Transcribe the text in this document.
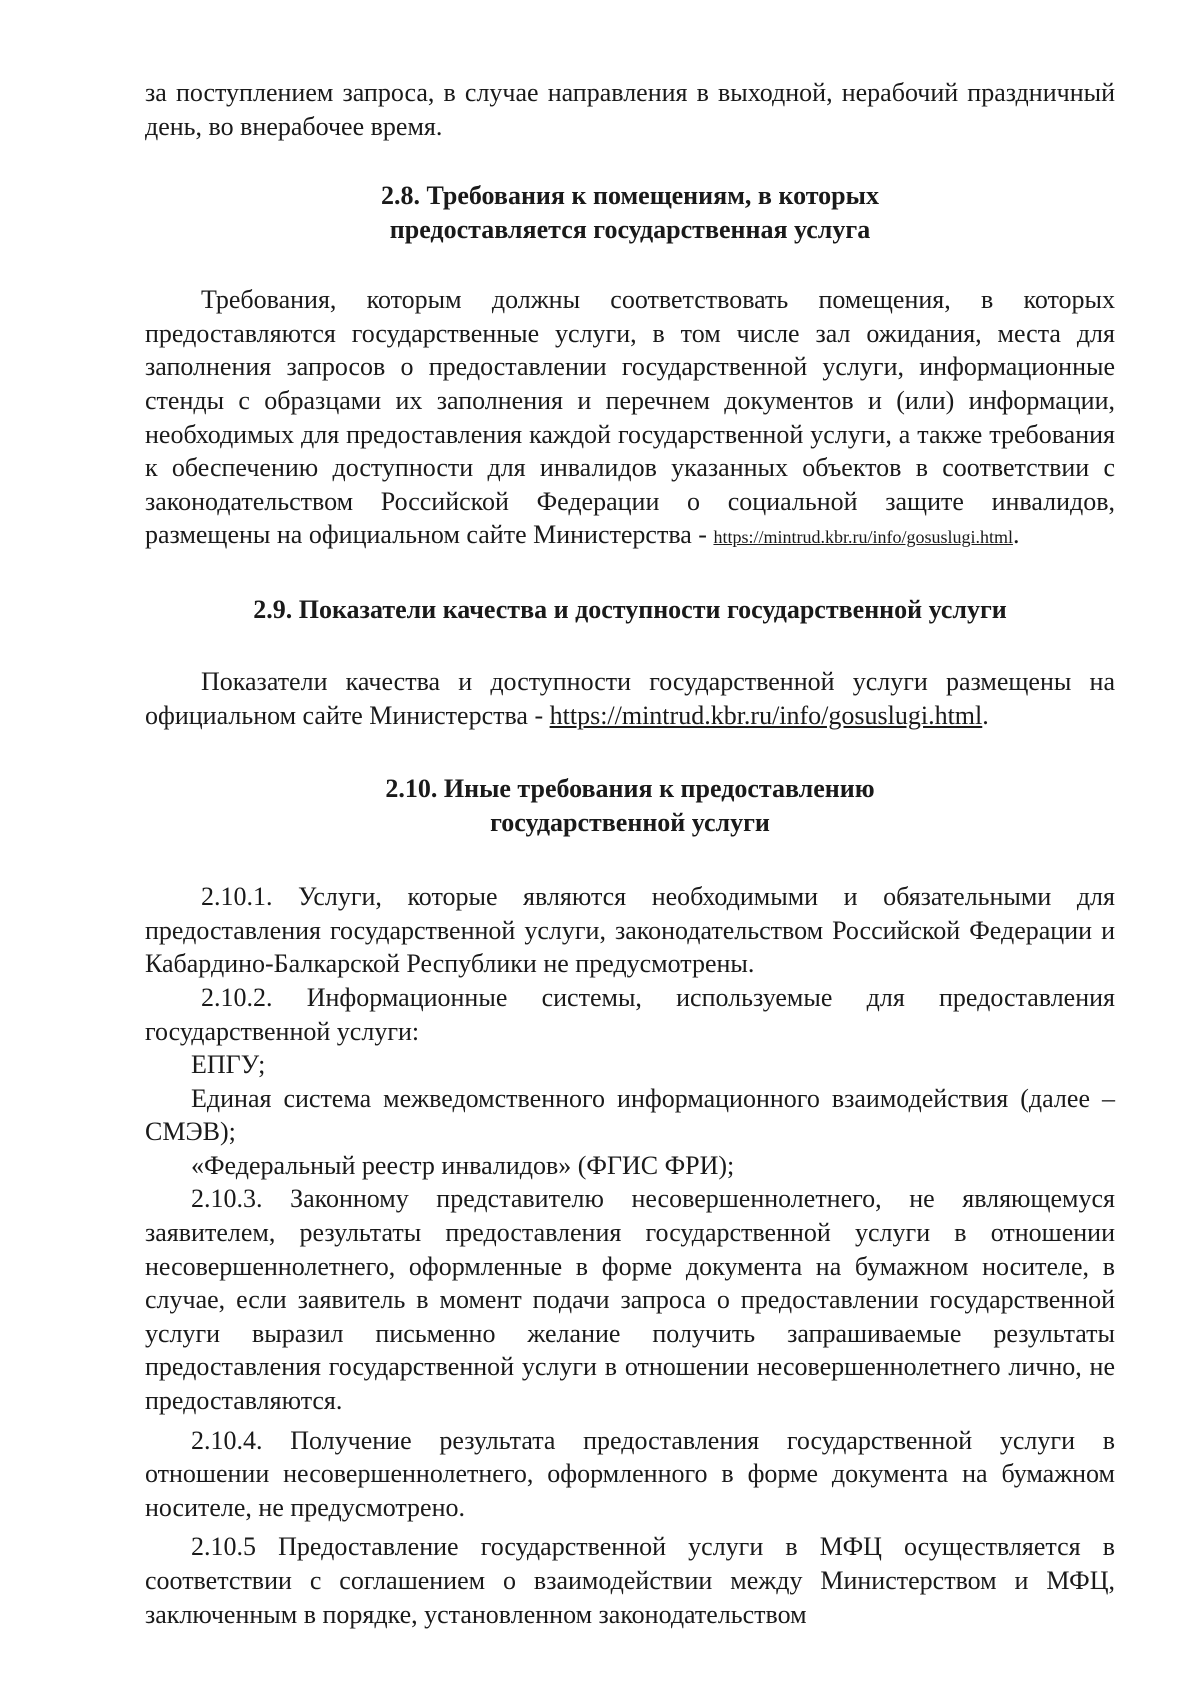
за поступлением запроса, в случае направления в выходной, нерабочий праздничный день, во внерабочее время.

2.8. Требования к помещениям, в которых
предоставляется государственная услуга

Требования, которым должны соответствовать помещения, в которых предоставляются государственные услуги, в том числе зал ожидания, места для заполнения запросов о предоставлении государственной услуги, информационные стенды с образцами их заполнения и перечнем документов и (или) информации, необходимых для предоставления каждой государственной услуги, а также требования к обеспечению доступности для инвалидов указанных объектов в соответствии с законодательством Российской Федерации о социальной защите инвалидов, размещены на официальном сайте Министерства - https://mintrud.kbr.ru/info/gosuslugi.html.

2.9. Показатели качества и доступности государственной услуги

Показатели качества и доступности государственной услуги размещены на официальном сайте Министерства - https://mintrud.kbr.ru/info/gosuslugi.html.

2.10. Иные требования к предоставлению
государственной услуги

2.10.1. Услуги, которые являются необходимыми и обязательными для предоставления государственной услуги, законодательством Российской Федерации и Кабардино-Балкарской Республики не предусмотрены.

2.10.2. Информационные системы, используемые для предоставления государственной услуги:

ЕПГУ;

Единая система межведомственного информационного взаимодействия (далее – СМЭВ);

«Федеральный реестр инвалидов» (ФГИС ФРИ);

2.10.3. Законному представителю несовершеннолетнего, не являющемуся заявителем, результаты предоставления государственной услуги в отношении несовершеннолетнего, оформленные в форме документа на бумажном носителе, в случае, если заявитель в момент подачи запроса о предоставлении государственной услуги выразил письменно желание получить запрашиваемые результаты предоставления государственной услуги в отношении несовершеннолетнего лично, не предоставляются.

2.10.4. Получение результата предоставления государственной услуги в отношении несовершеннолетнего, оформленного в форме документа на бумажном носителе, не предусмотрено.

2.10.5 Предоставление государственной услуги в МФЦ осуществляется в соответствии с соглашением о взаимодействии между Министерством и МФЦ, заключенным в порядке, установленном законодательством
